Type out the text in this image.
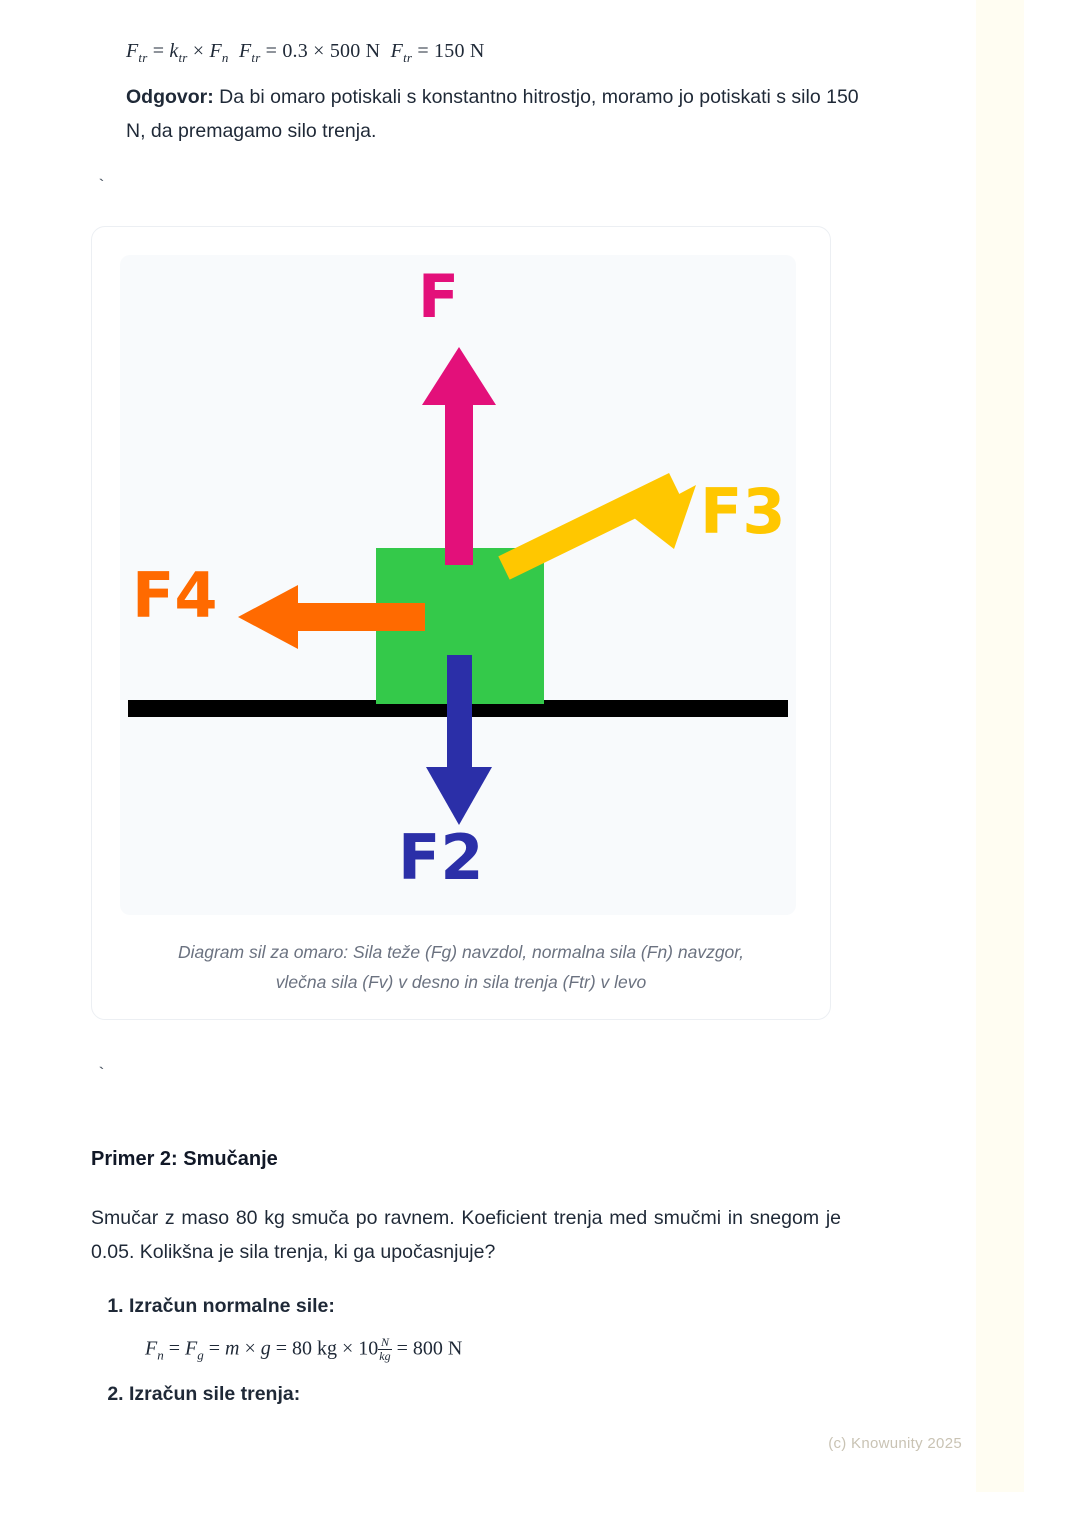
$F_{tr} = k_{tr} \times F_n$ $F_{tr} = 0.3 \times 500$ N  $F_{tr} = 150$ N

Odgovor: Da bi omaro potiskali s konstantno hitrostjo, moramo jo potiskati s silo 150 N, da premagamo silo trenja.

`
F
F3
F4
F2
Diagram sil za omaro: Sila teže (Fg) navzdol, normalna sila (Fn) navzgor, vlečna sila (Fv) v desno in sila trenja (Ftr) v levo
`
Primer 2: Smučanje

Smučar z maso 80 kg smuča po ravnem. Koeficient trenja med smučmi in snegom je 0.05. Kolikšna je sila trenja, ki ga upočasnjuje?

1. Izračun normalne sile:
$F_n = F_g = m \times g = 80$ kg × $10 \frac{N}{kg} = 800$ N
2. Izračun sile trenja:
(c) Knowunity 2025
